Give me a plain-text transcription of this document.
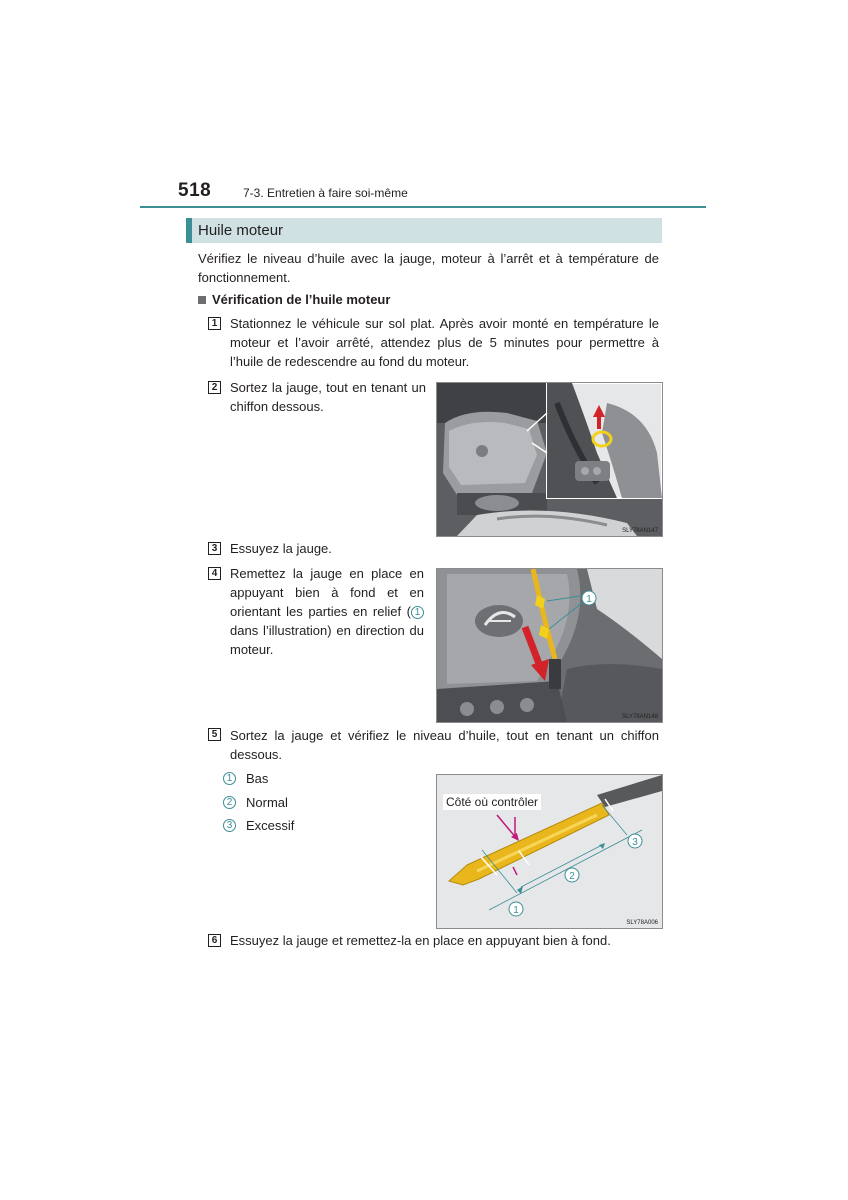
518	7-3. Entretien à faire soi-même
Huile moteur
Vérifiez le niveau d’huile avec la jauge, moteur à l’arrêt et à température de fonctionnement.
Vérification de l’huile moteur
1 Stationnez le véhicule sur sol plat. Après avoir monté en température le moteur et l’avoir arrêté, attendez plus de 5 minutes pour permettre à l’huile de redescendre au fond du moteur.
2 Sortez la jauge, tout en tenant un chiffon dessous.
SLY78AN147
3 Essuyez la jauge.
4 Remettez la jauge en place en appuyant bien à fond et en orientant les parties en relief ( 1 dans l’illustration) en direction du moteur.
1
SLY78AN148
5 Sortez la jauge et vérifiez le niveau d’huile, tout en tenant un chiffon dessous.
1 Bas
2 Normal
3 Excessif
1
2
3
Côté où contrôler
SLY78A006
6 Essuyez la jauge et remettez-la en place en appuyant bien à fond.
